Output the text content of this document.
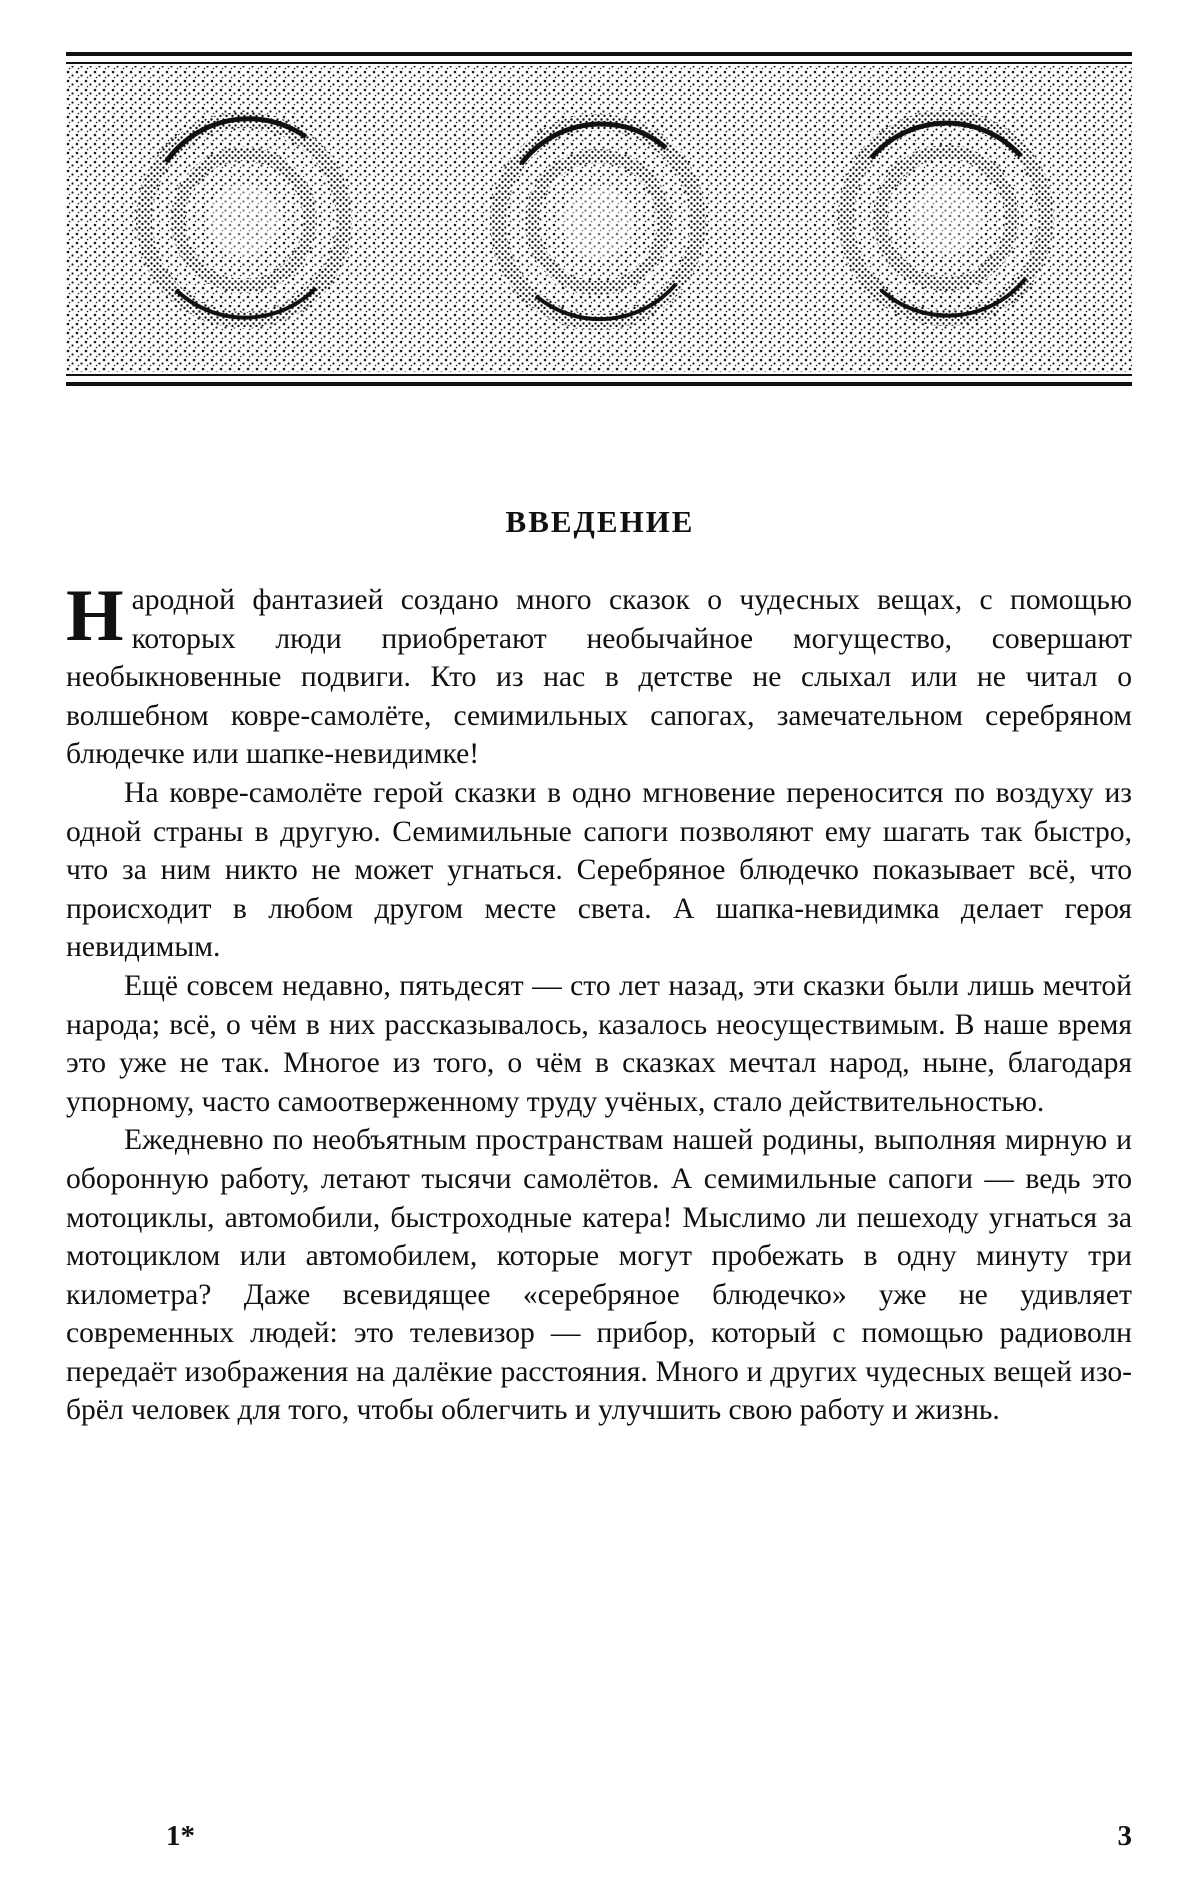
ВВЕДЕНИЕ

Народной фантазией создано много сказок о чудесных вещах, с помощью которых люди приобретают необычайное могущество, совершают необыкновенные подвиги. Кто из нас в детстве не слыхал или не читал о волшебном ковре-самолёте, семимильных сапогах, замечательном серебряном блюдечке или шапке-невидимке!

На ковре-самолёте герой сказки в одно мгновение переносится по воздуху из одной страны в другую. Семимильные сапоги позволяют ему шагать так быстро, что за ним никто не может угнаться. Серебряное блюдечко показывает всё, что происходит в любом другом месте света. А шапка-невидимка делает героя невидимым.

Ещё совсем недавно, пятьдесят — сто лет назад, эти сказки были лишь мечтой народа; всё, о чём в них рассказывалось, казалось неосуществимым. В наше время это уже не так. Многое из того, о чём в сказках мечтал народ, ныне, благодаря упорному, часто самоотверженному труду учёных, стало действительностью.

Ежедневно по необъятным пространствам нашей родины, выполняя мирную и оборонную работу, летают тысячи самолётов. А семимильные сапоги — ведь это мотоциклы, автомобили, быстроходные катера! Мыслимо ли пешеходу угнаться за мотоциклом или автомобилем, которые могут пробежать в одну минуту три километра? Даже всевидящее «серебряное блюдечко» уже не удивляет современных людей: это телевизор — прибор, который с помощью радиоволн передаёт изображения на далёкие расстояния. Много и других чудесных вещей изобрёл человек для того, чтобы облегчить и улучшить свою работу и жизнь.

1*	3
